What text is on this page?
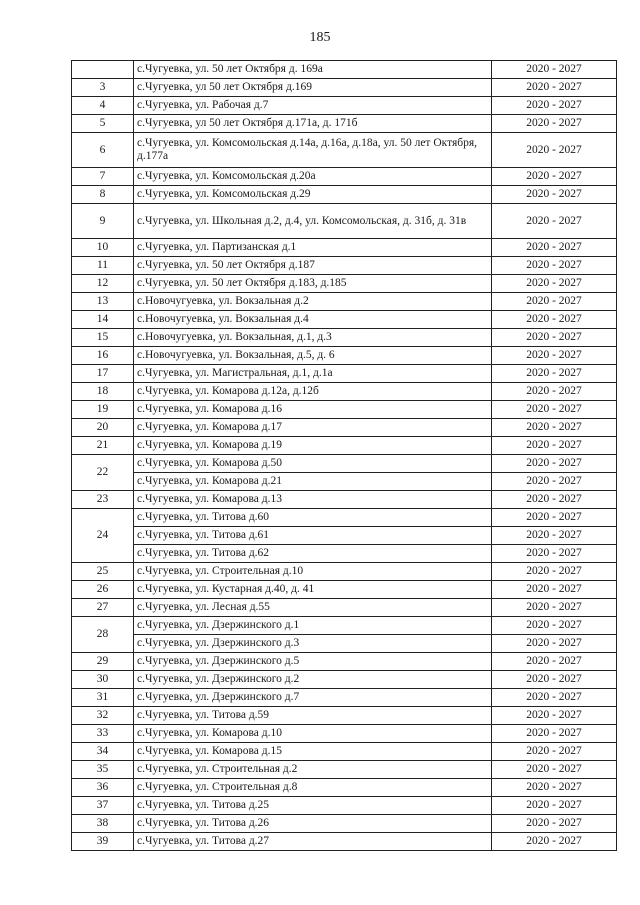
185
	с.Чугуевка, ул. 50 лет Октября д. 169а	2020 - 2027
3	с.Чугуевка, ул 50 лет Октября д.169	2020 - 2027
4	с.Чугуевка, ул. Рабочая д.7	2020 - 2027
5	с.Чугуевка, ул 50 лет Октября д.171а, д. 171б	2020 - 2027
6	с.Чугуевка, ул. Комсомольская д.14а, д.16а, д.18а, ул. 50 лет Октября, д.177а	2020 - 2027
7	с.Чугуевка, ул. Комсомольская д.20а	2020 - 2027
8	с.Чугуевка, ул. Комсомольская д.29	2020 - 2027
9	с.Чугуевка, ул. Школьная д.2, д.4, ул. Комсомольская, д. 31б, д. 31в	2020 - 2027
10	с.Чугуевка, ул. Партизанская д.1	2020 - 2027
11	с.Чугуевка, ул. 50 лет Октября д.187	2020 - 2027
12	с.Чугуевка, ул. 50 лет Октября д.183, д.185	2020 - 2027
13	с.Новочугуевка, ул. Вокзальная д.2	2020 - 2027
14	с.Новочугуевка, ул. Вокзальная д.4	2020 - 2027
15	с.Новочугуевка, ул. Вокзальная, д.1, д.3	2020 - 2027
16	с.Новочугуевка, ул. Вокзальная, д.5, д. 6	2020 - 2027
17	с.Чугуевка, ул. Магистральная, д.1, д.1а	2020 - 2027
18	с.Чугуевка, ул. Комарова д.12а, д.12б	2020 - 2027
19	с.Чугуевка, ул. Комарова д.16	2020 - 2027
20	с.Чугуевка, ул. Комарова д.17	2020 - 2027
21	с.Чугуевка, ул. Комарова д.19	2020 - 2027
22	с.Чугуевка, ул. Комарова д.50	2020 - 2027
	с.Чугуевка, ул. Комарова д.21	2020 - 2027
23	с.Чугуевка, ул. Комарова д.13	2020 - 2027
24	с.Чугуевка, ул. Титова д.60	2020 - 2027
	с.Чугуевка, ул. Титова д.61	2020 - 2027
	с.Чугуевка, ул. Титова д.62	2020 - 2027
25	с.Чугуевка, ул. Строительная д.10	2020 - 2027
26	с.Чугуевка, ул. Кустарная д.40, д. 41	2020 - 2027
27	с.Чугуевка, ул. Лесная д.55	2020 - 2027
28	с.Чугуевка, ул. Дзержинского д.1	2020 - 2027
	с.Чугуевка, ул. Дзержинского д.3	2020 - 2027
29	с.Чугуевка, ул. Дзержинского д.5	2020 - 2027
30	с.Чугуевка, ул. Дзержинского д.2	2020 - 2027
31	с.Чугуевка, ул. Дзержинского д.7	2020 - 2027
32	с.Чугуевка, ул. Титова д.59	2020 - 2027
33	с.Чугуевка, ул. Комарова д.10	2020 - 2027
34	с.Чугуевка, ул. Комарова д.15	2020 - 2027
35	с.Чугуевка, ул. Строительная д.2	2020 - 2027
36	с.Чугуевка, ул. Строительная д.8	2020 - 2027
37	с.Чугуевка, ул. Титова д.25	2020 - 2027
38	с.Чугуевка, ул. Титова д.26	2020 - 2027
39	с.Чугуевка, ул. Титова д.27	2020 - 2027
